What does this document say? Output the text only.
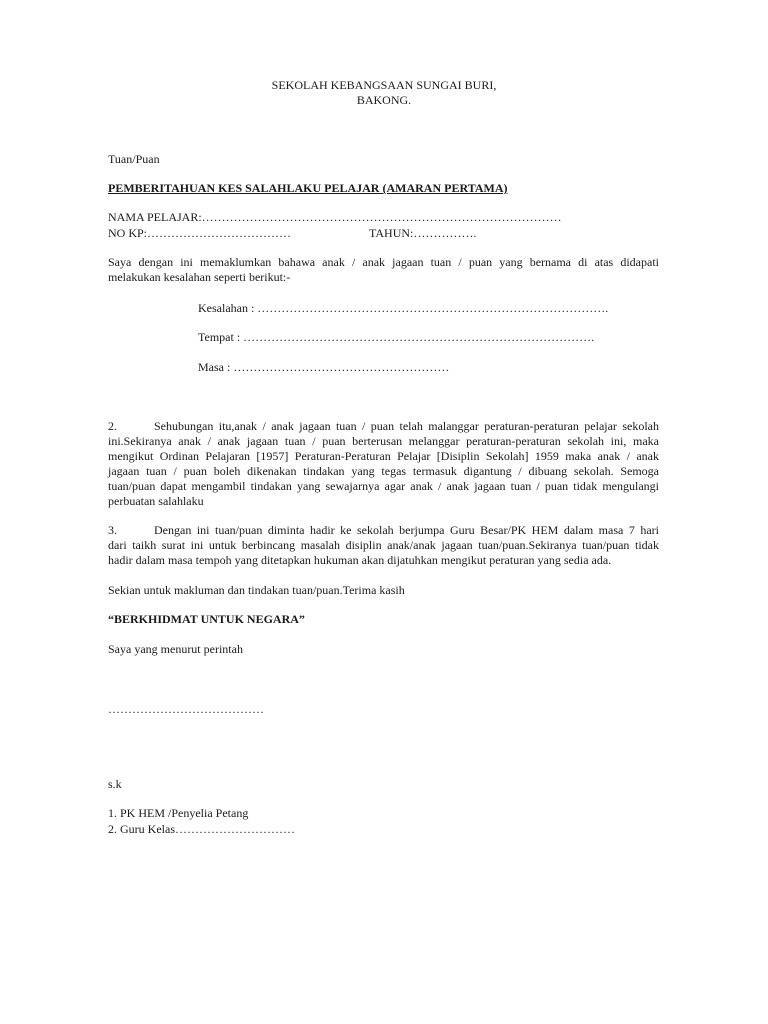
SEKOLAH KEBANGSAAN SUNGAI BURI,
BAKONG.
Tuan/Puan
PEMBERITAHUAN KES SALAHLAKU PELAJAR (AMARAN PERTAMA)
NAMA PELAJAR:………………………………………………………………………………
NO KP:………………………………	TAHUN:…………….
Saya dengan ini memaklumkan bahawa anak / anak jagaan tuan / puan yang bernama di atas didapati
melakukan kesalahan seperti berikut:-
Kesalahan : …………………………………………………………………………….
Tempat : …………………………………………………………………………….
Masa : ………………………………………………
2.	Sehubungan itu,anak / anak jagaan tuan / puan telah malanggar peraturan-peraturan pelajar sekolah
ini.Sekiranya anak / anak jagaan tuan / puan berterusan melanggar peraturan-peraturan sekolah ini, maka
mengikut Ordinan Pelajaran [1957] Peraturan-Peraturan Pelajar [Disiplin Sekolah] 1959 maka anak / anak
jagaan tuan / puan boleh dikenakan tindakan yang tegas termasuk digantung / dibuang sekolah. Semoga
tuan/puan dapat mengambil tindakan yang sewajarnya agar anak / anak jagaan tuan / puan tidak mengulangi
perbuatan salahlaku
3.	Dengan ini tuan/puan diminta hadir ke sekolah berjumpa Guru Besar/PK HEM dalam masa 7 hari
dari taikh surat ini untuk berbincang masalah disiplin anak/anak jagaan tuan/puan.Sekiranya tuan/puan tidak
hadir dalam masa tempoh yang ditetapkan hukuman akan dijatuhkan mengikut peraturan yang sedia ada.
Sekian untuk makluman dan tindakan tuan/puan.Terima kasih
“BERKHIDMAT UNTUK NEGARA”
Saya yang menurut perintah
…………………………………
s.k
1. PK HEM /Penyelia Petang
2. Guru Kelas…………………………
